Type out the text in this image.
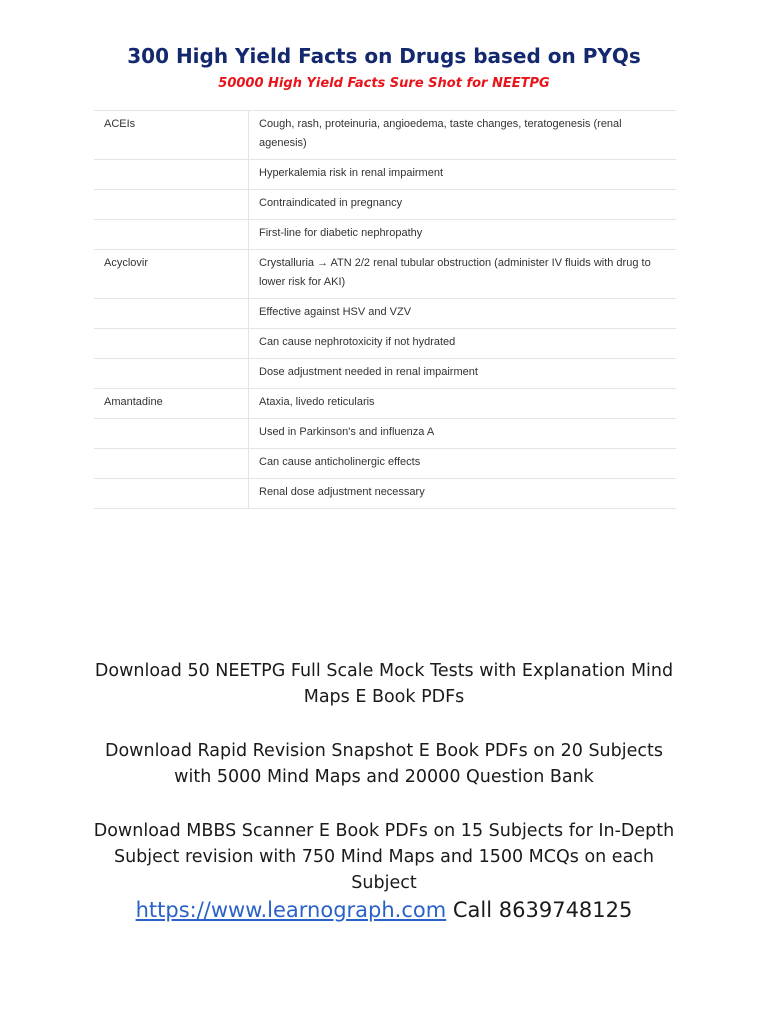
300 High Yield Facts on Drugs based on PYQs

50000 High Yield Facts Sure Shot for NEETPG

ACEIs	Cough, rash, proteinuria, angioedema, taste changes, teratogenesis (renal agenesis)
	Hyperkalemia risk in renal impairment
	Contraindicated in pregnancy
	First-line for diabetic nephropathy
Acyclovir	Crystalluria → ATN 2/2 renal tubular obstruction (administer IV fluids with drug to lower risk for AKI)
	Effective against HSV and VZV
	Can cause nephrotoxicity if not hydrated
	Dose adjustment needed in renal impairment
Amantadine	Ataxia, livedo reticularis
	Used in Parkinson's and influenza A
	Can cause anticholinergic effects
	Renal dose adjustment necessary

Download 50 NEETPG Full Scale Mock Tests with Explanation Mind Maps E Book PDFs

Download Rapid Revision Snapshot E Book PDFs on 20 Subjects with 5000 Mind Maps and 20000 Question Bank

Download MBBS Scanner E Book PDFs on 15 Subjects for In-Depth Subject revision with 750 Mind Maps and 1500 MCQs on each Subject

https://www.learnograph.com Call 8639748125
